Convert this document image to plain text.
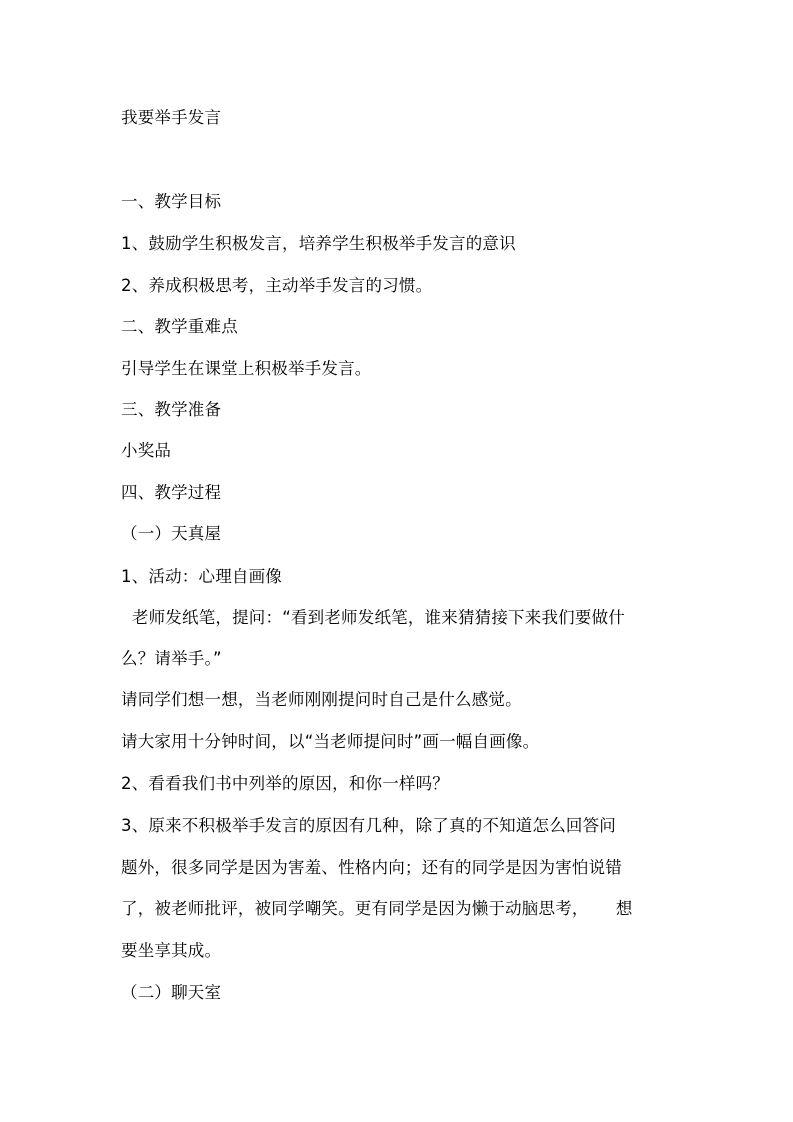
我要举手发言
一、教学目标
1、鼓励学生积极发言，培养学生积极举手发言的意识
2、养成积极思考，主动举手发言的习惯。
二、教学重难点
引导学生在课堂上积极举手发言。
三、教学准备
小奖品
四、教学过程
（一）天真屋
1、活动：心理自画像
老师发纸笔，提问：“看到老师发纸笔，谁来猜猜接下来我们要做什
么？请举手。”
请同学们想一想，当老师刚刚提问时自己是什么感觉。
请大家用十分钟时间，以“当老师提问时”画一幅自画像。
2、看看我们书中列举的原因，和你一样吗？
3、原来不积极举手发言的原因有几种，除了真的不知道怎么回答问
题外，很多同学是因为害羞、性格内向；还有的同学是因为害怕说错
了，被老师批评，被同学嘲笑。更有同学是因为懒于动脑思考，     想
要坐享其成。
（二）聊天室
